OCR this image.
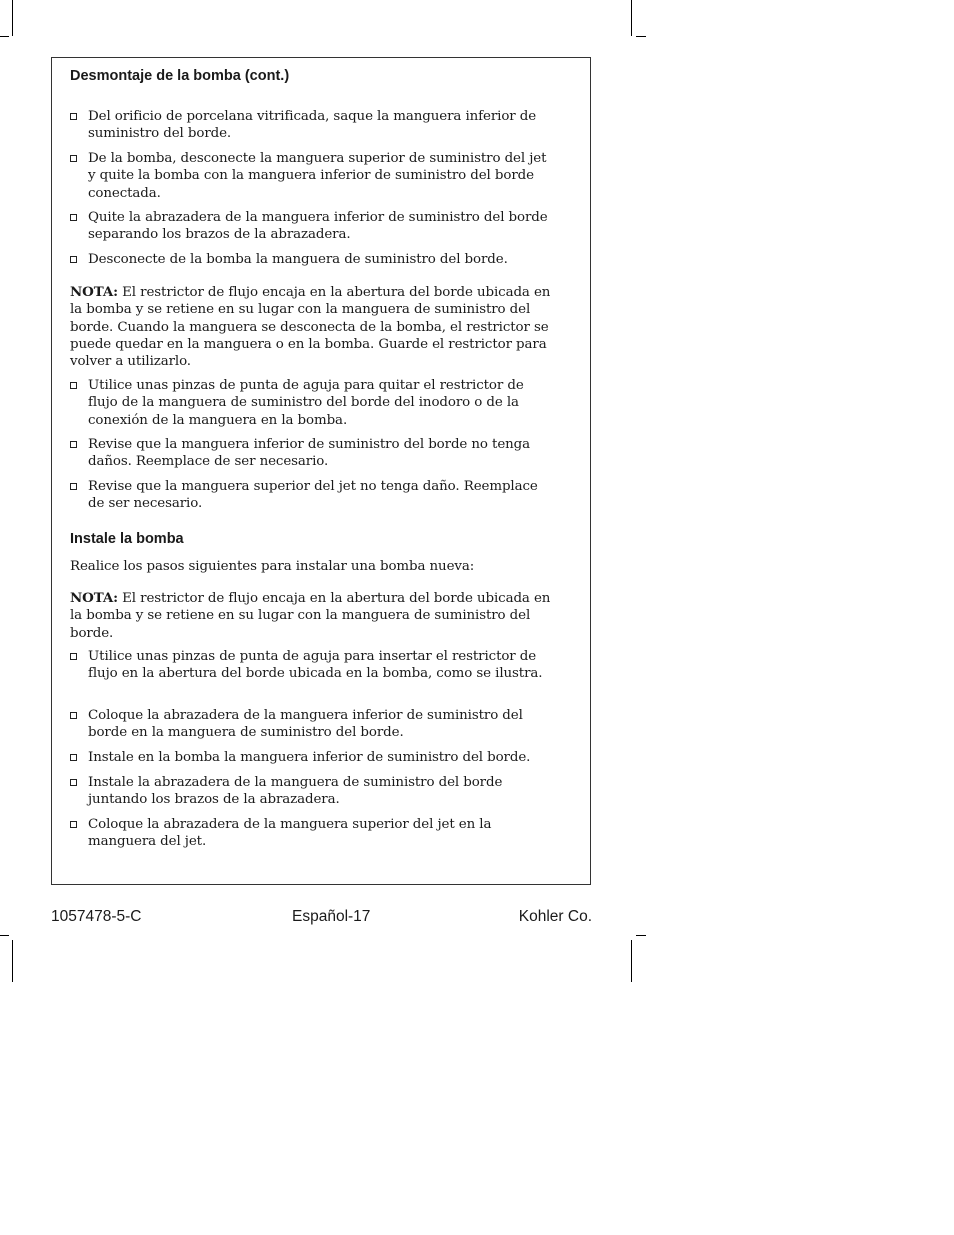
Desmontaje de la bomba (cont.)
Del orificio de porcelana vitrificada, saque la manguera inferior de suministro del borde.
De la bomba, desconecte la manguera superior de suministro del jet y quite la bomba con la manguera inferior de suministro del borde conectada.
Quite la abrazadera de la manguera inferior de suministro del borde separando los brazos de la abrazadera.
Desconecte de la bomba la manguera de suministro del borde.
NOTA: El restrictor de flujo encaja en la abertura del borde ubicada en la bomba y se retiene en su lugar con la manguera de suministro del borde. Cuando la manguera se desconecta de la bomba, el restrictor se puede quedar en la manguera o en la bomba. Guarde el restrictor para volver a utilizarlo.
Utilice unas pinzas de punta de aguja para quitar el restrictor de flujo de la manguera de suministro del borde del inodoro o de la conexión de la manguera en la bomba.
Revise que la manguera inferior de suministro del borde no tenga daños. Reemplace de ser necesario.
Revise que la manguera superior del jet no tenga daño. Reemplace de ser necesario.
Instale la bomba
Realice los pasos siguientes para instalar una bomba nueva:
NOTA: El restrictor de flujo encaja en la abertura del borde ubicada en la bomba y se retiene en su lugar con la manguera de suministro del borde.
Utilice unas pinzas de punta de aguja para insertar el restrictor de flujo en la abertura del borde ubicada en la bomba, como se ilustra.
Coloque la abrazadera de la manguera inferior de suministro del borde en la manguera de suministro del borde.
Instale en la bomba la manguera inferior de suministro del borde.
Instale la abrazadera de la manguera de suministro del borde juntando los brazos de la abrazadera.
Coloque la abrazadera de la manguera superior del jet en la manguera del jet.
1057478-5-C	Español-17	Kohler Co.
